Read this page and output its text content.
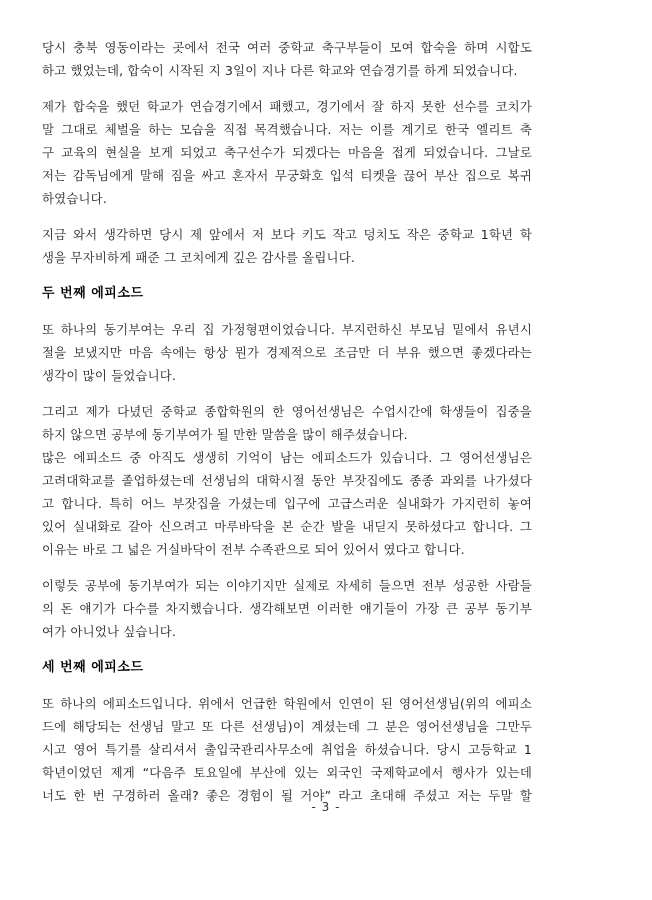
당시 충북 영동이라는 곳에서 전국 여러 중학교 축구부들이 모여 합숙을 하며 시합도
하고 했었는데, 합숙이 시작된 지 3일이 지나 다른 학교와 연습경기를 하게 되었습니다.
제가 합숙을 했던 학교가 연습경기에서 패했고, 경기에서 잘 하지 못한 선수를 코치가
말 그대로 체벌을 하는 모습을 직접 목격했습니다. 저는 이를 계기로 한국 엘리트 축
구 교육의 현실을 보게 되었고 축구선수가 되겠다는 마음을 접게 되었습니다. 그날로
저는 감독님에게 말해 짐을 싸고 혼자서 무궁화호 입석 티켓을 끊어 부산 집으로 복귀
하였습니다.
지금 와서 생각하면 당시 제 앞에서 저 보다 키도 작고 덩치도 작은 중학교 1학년 학
생을 무자비하게 패준 그 코치에게 깊은 감사를 올립니다.
두 번째 에피소드
또 하나의 동기부여는 우리 집 가정형편이었습니다. 부지런하신 부모님 밑에서 유년시
절을 보냈지만 마음 속에는 항상 뭔가 경제적으로 조금만 더 부유 했으면 좋겠다라는
생각이 많이 들었습니다.
그리고 제가 다녔던 중학교 종합학원의 한 영어선생님은 수업시간에 학생들이 집중을
하지 않으면 공부에 동기부여가 될 만한 말씀을 많이 해주셨습니다.
많은 에피소드 중 아직도 생생히 기억이 남는 에피소드가 있습니다. 그 영어선생님은
고려대학교를 졸업하셨는데 선생님의 대학시절 동안 부잣집에도 종종 과외를 나가셨다
고 합니다. 특히 어느 부잣집을 가셨는데 입구에 고급스러운 실내화가 가지런히 놓여
있어 실내화로 갈아 신으려고 마루바닥을 본 순간 발을 내딛지 못하셨다고 합니다. 그
이유는 바로 그 넓은 거실바닥이 전부 수족관으로 되어 있어서 였다고 합니다.
이렇듯 공부에 동기부여가 되는 이야기지만 실제로 자세히 들으면 전부 성공한 사람들
의 돈 얘기가 다수를 차지했습니다. 생각해보면 이러한 얘기들이 가장 큰 공부 동기부
여가 아니었나 싶습니다.
세 번째 에피소드
또 하나의 에피소드입니다. 위에서 언급한 학원에서 인연이 된 영어선생님(위의 에피소
드에 해당되는 선생님 말고 또 다른 선생님)이 계셨는데 그 분은 영어선생님을 그만두
시고 영어 특기를 살리셔서 출입국관리사무소에 취업을 하셨습니다. 당시 고등학교 1
학년이었던 제게 “다음주 토요일에 부산에 있는 외국인 국제학교에서 행사가 있는데
너도 한 번 구경하러 올래? 좋은 경험이 될 거야” 라고 초대해 주셨고 저는 두말 할
- 3 -
